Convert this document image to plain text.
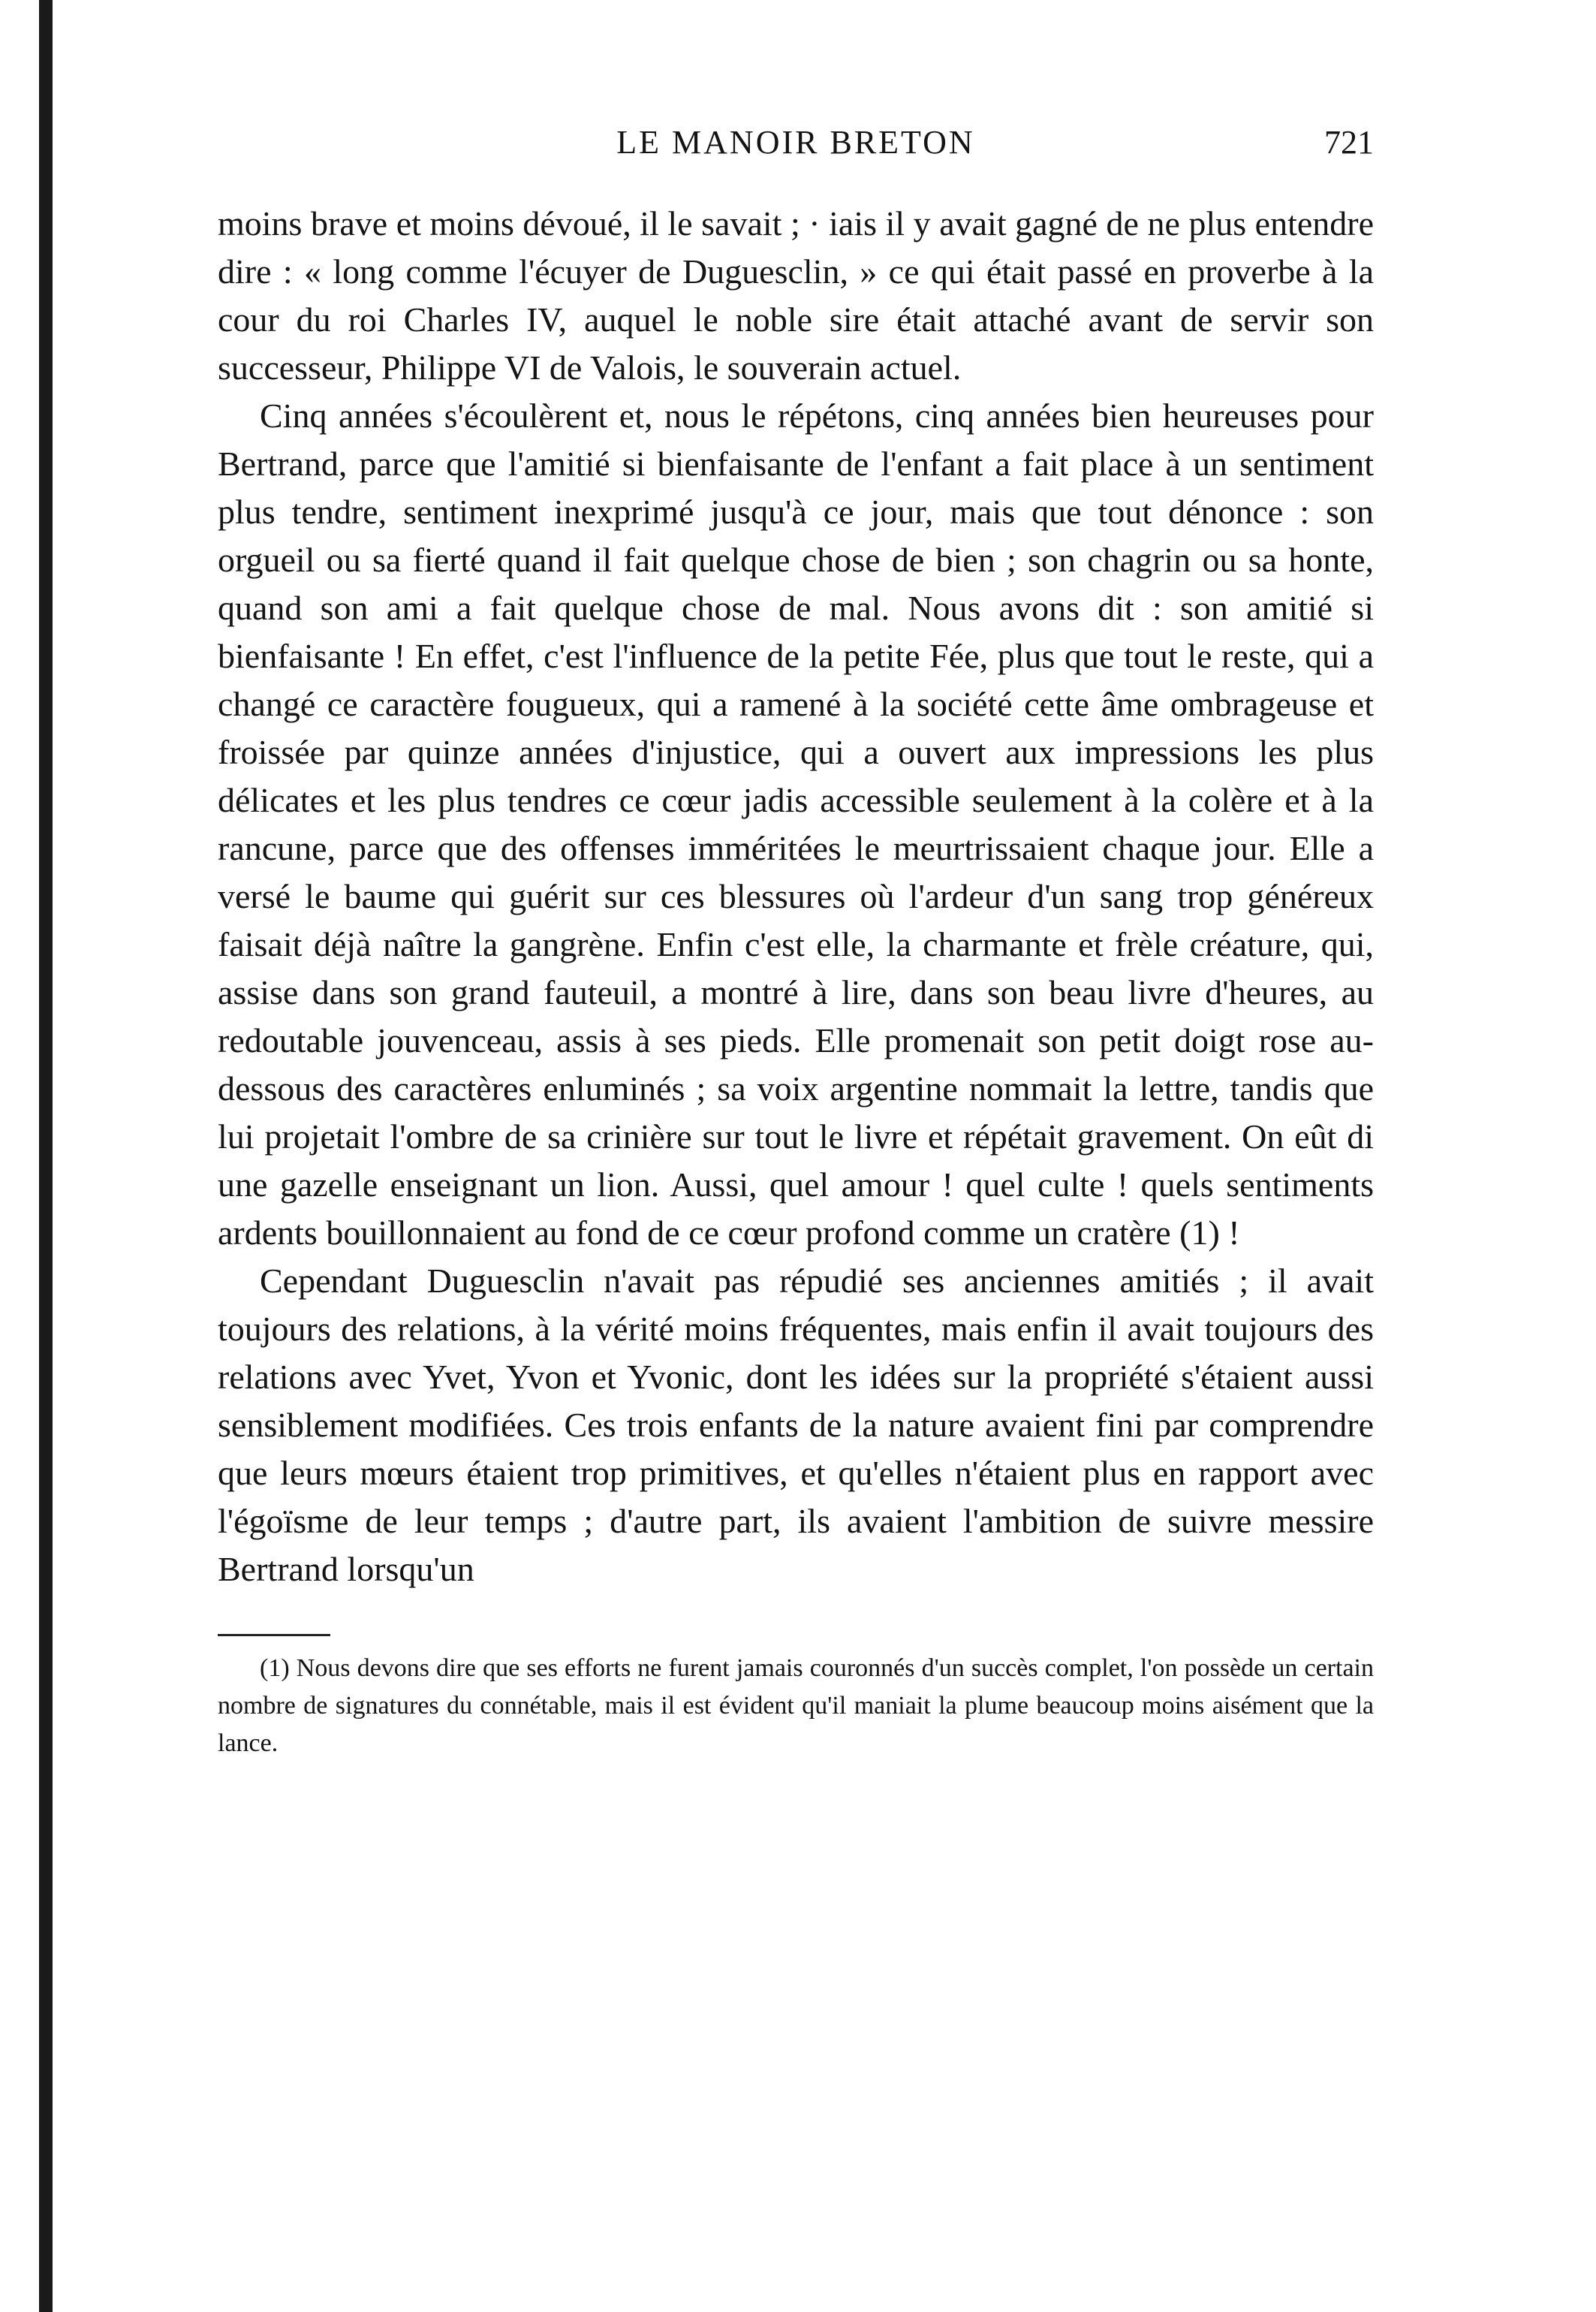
LE MANOIR BRETON	721

moins brave et moins dévoué, il le savait ; · iais il y avait gagné de ne plus entendre dire : « long comme l'écuyer de Duguesclin, » ce qui était passé en proverbe à la cour du roi Charles IV, auquel le noble sire était attaché avant de servir son successeur, Philippe VI de Valois, le souverain actuel.

Cinq années s'écoulèrent et, nous le répétons, cinq années bien heureuses pour Bertrand, parce que l'amitié si bienfaisante de l'enfant a fait place à un sentiment plus tendre, sentiment inexprimé jusqu'à ce jour, mais que tout dénonce : son orgueil ou sa fierté quand il fait quelque chose de bien ; son chagrin ou sa honte, quand son ami a fait quelque chose de mal. Nous avons dit : son amitié si bienfaisante ! En effet, c'est l'influence de la petite Fée, plus que tout le reste, qui a changé ce caractère fougueux, qui a ramené à la société cette âme ombrageuse et froissée par quinze années d'injustice, qui a ouvert aux impressions les plus délicates et les plus tendres ce cœur jadis accessible seulement à la colère et à la rancune, parce que des offenses imméritées le meurtrissaient chaque jour. Elle a versé le baume qui guérit sur ces blessures où l'ardeur d'un sang trop généreux faisait déjà naître la gangrène. Enfin c'est elle, la charmante et frèle créature, qui, assise dans son grand fauteuil, a montré à lire, dans son beau livre d'heures, au redoutable jouvenceau, assis à ses pieds. Elle promenait son petit doigt rose au-dessous des caractères enluminés ; sa voix argentine nommait la lettre, tandis que lui projetait l'ombre de sa crinière sur tout le livre et répétait gravement. On eût di une gazelle enseignant un lion. Aussi, quel amour ! quel culte ! quels sentiments ardents bouillonnaient au fond de ce cœur profond comme un cratère (1) !

Cependant Duguesclin n'avait pas répudié ses anciennes amitiés ; il avait toujours des relations, à la vérité moins fréquentes, mais enfin il avait toujours des relations avec Yvet, Yvon et Yvonic, dont les idées sur la propriété s'étaient aussi sensiblement modifiées. Ces trois enfants de la nature avaient fini par comprendre que leurs mœurs étaient trop primitives, et qu'elles n'étaient plus en rapport avec l'égoïsme de leur temps ; d'autre part, ils avaient l'ambition de suivre messire Bertrand lorsqu'un

(1) Nous devons dire que ses efforts ne furent jamais couronnés d'un succès complet, l'on possède un certain nombre de signatures du connétable, mais il est évident qu'il maniait la plume beaucoup moins aisément que la lance.
